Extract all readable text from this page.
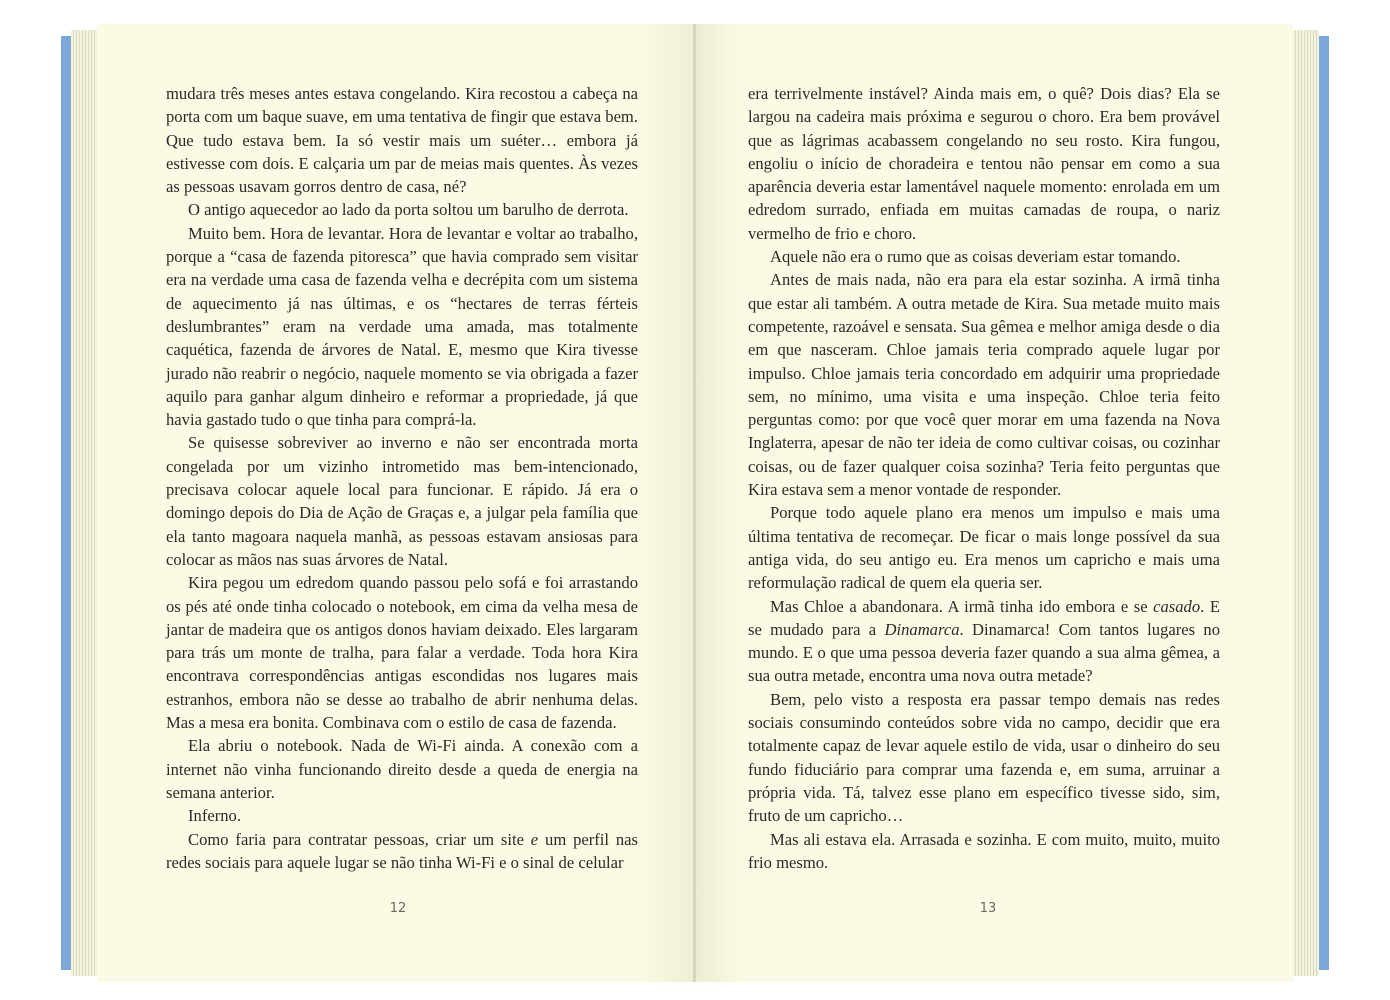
mudara três meses antes estava congelando. Kira recostou a cabeça na porta com um baque suave, em uma tentativa de fingir que estava bem. Que tudo estava bem. Ia só vestir mais um suéter… embora já estivesse com dois. E calçaria um par de meias mais quentes. Às vezes as pessoas usavam gorros dentro de casa, né?

O antigo aquecedor ao lado da porta soltou um barulho de derrota.

Muito bem. Hora de levantar. Hora de levantar e voltar ao trabalho, porque a “casa de fazenda pitoresca” que havia comprado sem visitar era na verdade uma casa de fazenda velha e decrépita com um sistema de aquecimento já nas últimas, e os “hectares de terras férteis deslumbrantes” eram na verdade uma amada, mas totalmente caquética, fazenda de árvores de Natal. E, mesmo que Kira tivesse jurado não reabrir o negócio, naquele momento se via obrigada a fazer aquilo para ganhar algum dinheiro e reformar a propriedade, já que havia gastado tudo o que tinha para comprá-la.

Se quisesse sobreviver ao inverno e não ser encontrada morta congelada por um vizinho intrometido mas bem-intencionado, precisava colocar aquele local para funcionar. E rápido. Já era o domingo depois do Dia de Ação de Graças e, a julgar pela família que ela tanto magoara naquela manhã, as pessoas estavam ansiosas para colocar as mãos nas suas árvores de Natal.

Kira pegou um edredom quando passou pelo sofá e foi arrastando os pés até onde tinha colocado o notebook, em cima da velha mesa de jantar de madeira que os antigos donos haviam deixado. Eles largaram para trás um monte de tralha, para falar a verdade. Toda hora Kira encontrava correspondências antigas escondidas nos lugares mais estranhos, embora não se desse ao trabalho de abrir nenhuma delas. Mas a mesa era bonita. Combinava com o estilo de casa de fazenda.

Ela abriu o notebook. Nada de Wi-Fi ainda. A conexão com a internet não vinha funcionando direito desde a queda de energia na semana anterior.

Inferno.

Como faria para contratar pessoas, criar um site e um perfil nas redes sociais para aquele lugar se não tinha Wi-Fi e o sinal de celular

era terrivelmente instável? Ainda mais em, o quê? Dois dias? Ela se largou na cadeira mais próxima e segurou o choro. Era bem provável que as lágrimas acabassem congelando no seu rosto. Kira fungou, engoliu o início de choradeira e tentou não pensar em como a sua aparência deveria estar lamentável naquele momento: enrolada em um edredom surrado, enfiada em muitas camadas de roupa, o nariz vermelho de frio e choro.

Aquele não era o rumo que as coisas deveriam estar tomando.

Antes de mais nada, não era para ela estar sozinha. A irmã tinha que estar ali também. A outra metade de Kira. Sua metade muito mais competente, razoável e sensata. Sua gêmea e melhor amiga desde o dia em que nasceram. Chloe jamais teria comprado aquele lugar por impulso. Chloe jamais teria concordado em adquirir uma propriedade sem, no mínimo, uma visita e uma inspeção. Chloe teria feito perguntas como: por que você quer morar em uma fazenda na Nova Inglaterra, apesar de não ter ideia de como cultivar coisas, ou cozinhar coisas, ou de fazer qualquer coisa sozinha? Teria feito perguntas que Kira estava sem a menor vontade de responder.

Porque todo aquele plano era menos um impulso e mais uma última tentativa de recomeçar. De ficar o mais longe possível da sua antiga vida, do seu antigo eu. Era menos um capricho e mais uma reformulação radical de quem ela queria ser.

Mas Chloe a abandonara. A irmã tinha ido embora e se casado. E se mudado para a Dinamarca. Dinamarca! Com tantos lugares no mundo. E o que uma pessoa deveria fazer quando a sua alma gêmea, a sua outra metade, encontra uma nova outra metade?

Bem, pelo visto a resposta era passar tempo demais nas redes sociais consumindo conteúdos sobre vida no campo, decidir que era totalmente capaz de levar aquele estilo de vida, usar o dinheiro do seu fundo fiduciário para comprar uma fazenda e, em suma, arruinar a própria vida. Tá, talvez esse plano em específico tivesse sido, sim, fruto de um capricho…

Mas ali estava ela. Arrasada e sozinha. E com muito, muito, muito frio mesmo.

12	13
